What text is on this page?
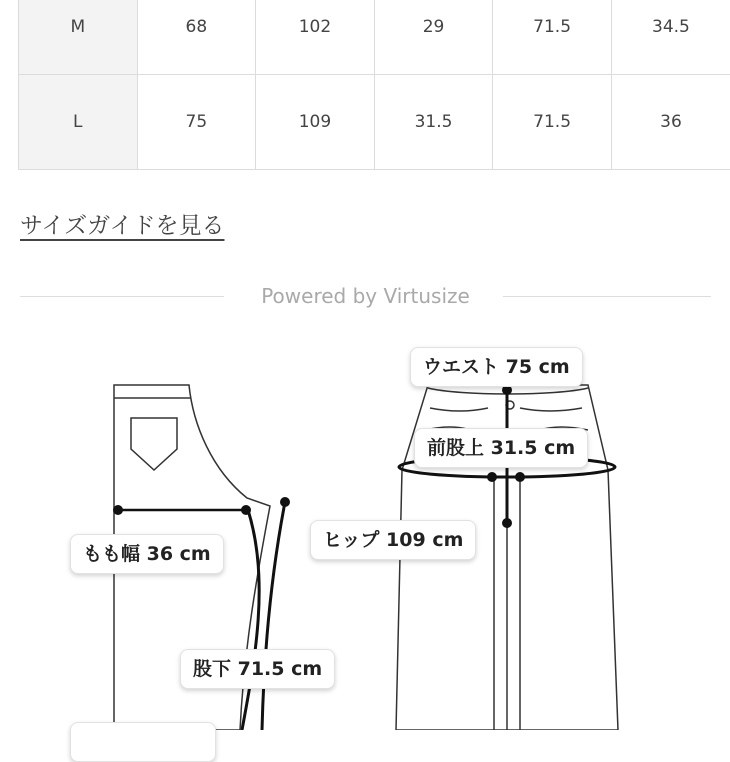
M	68	102	29	71.5	34.5
L	75	109	31.5	71.5	36
サイズガイドを見る
Powered by Virtusize
ウエスト 75 cm
前股上 31.5 cm
ヒップ 109 cm
もも幅 36 cm
股下 71.5 cm
